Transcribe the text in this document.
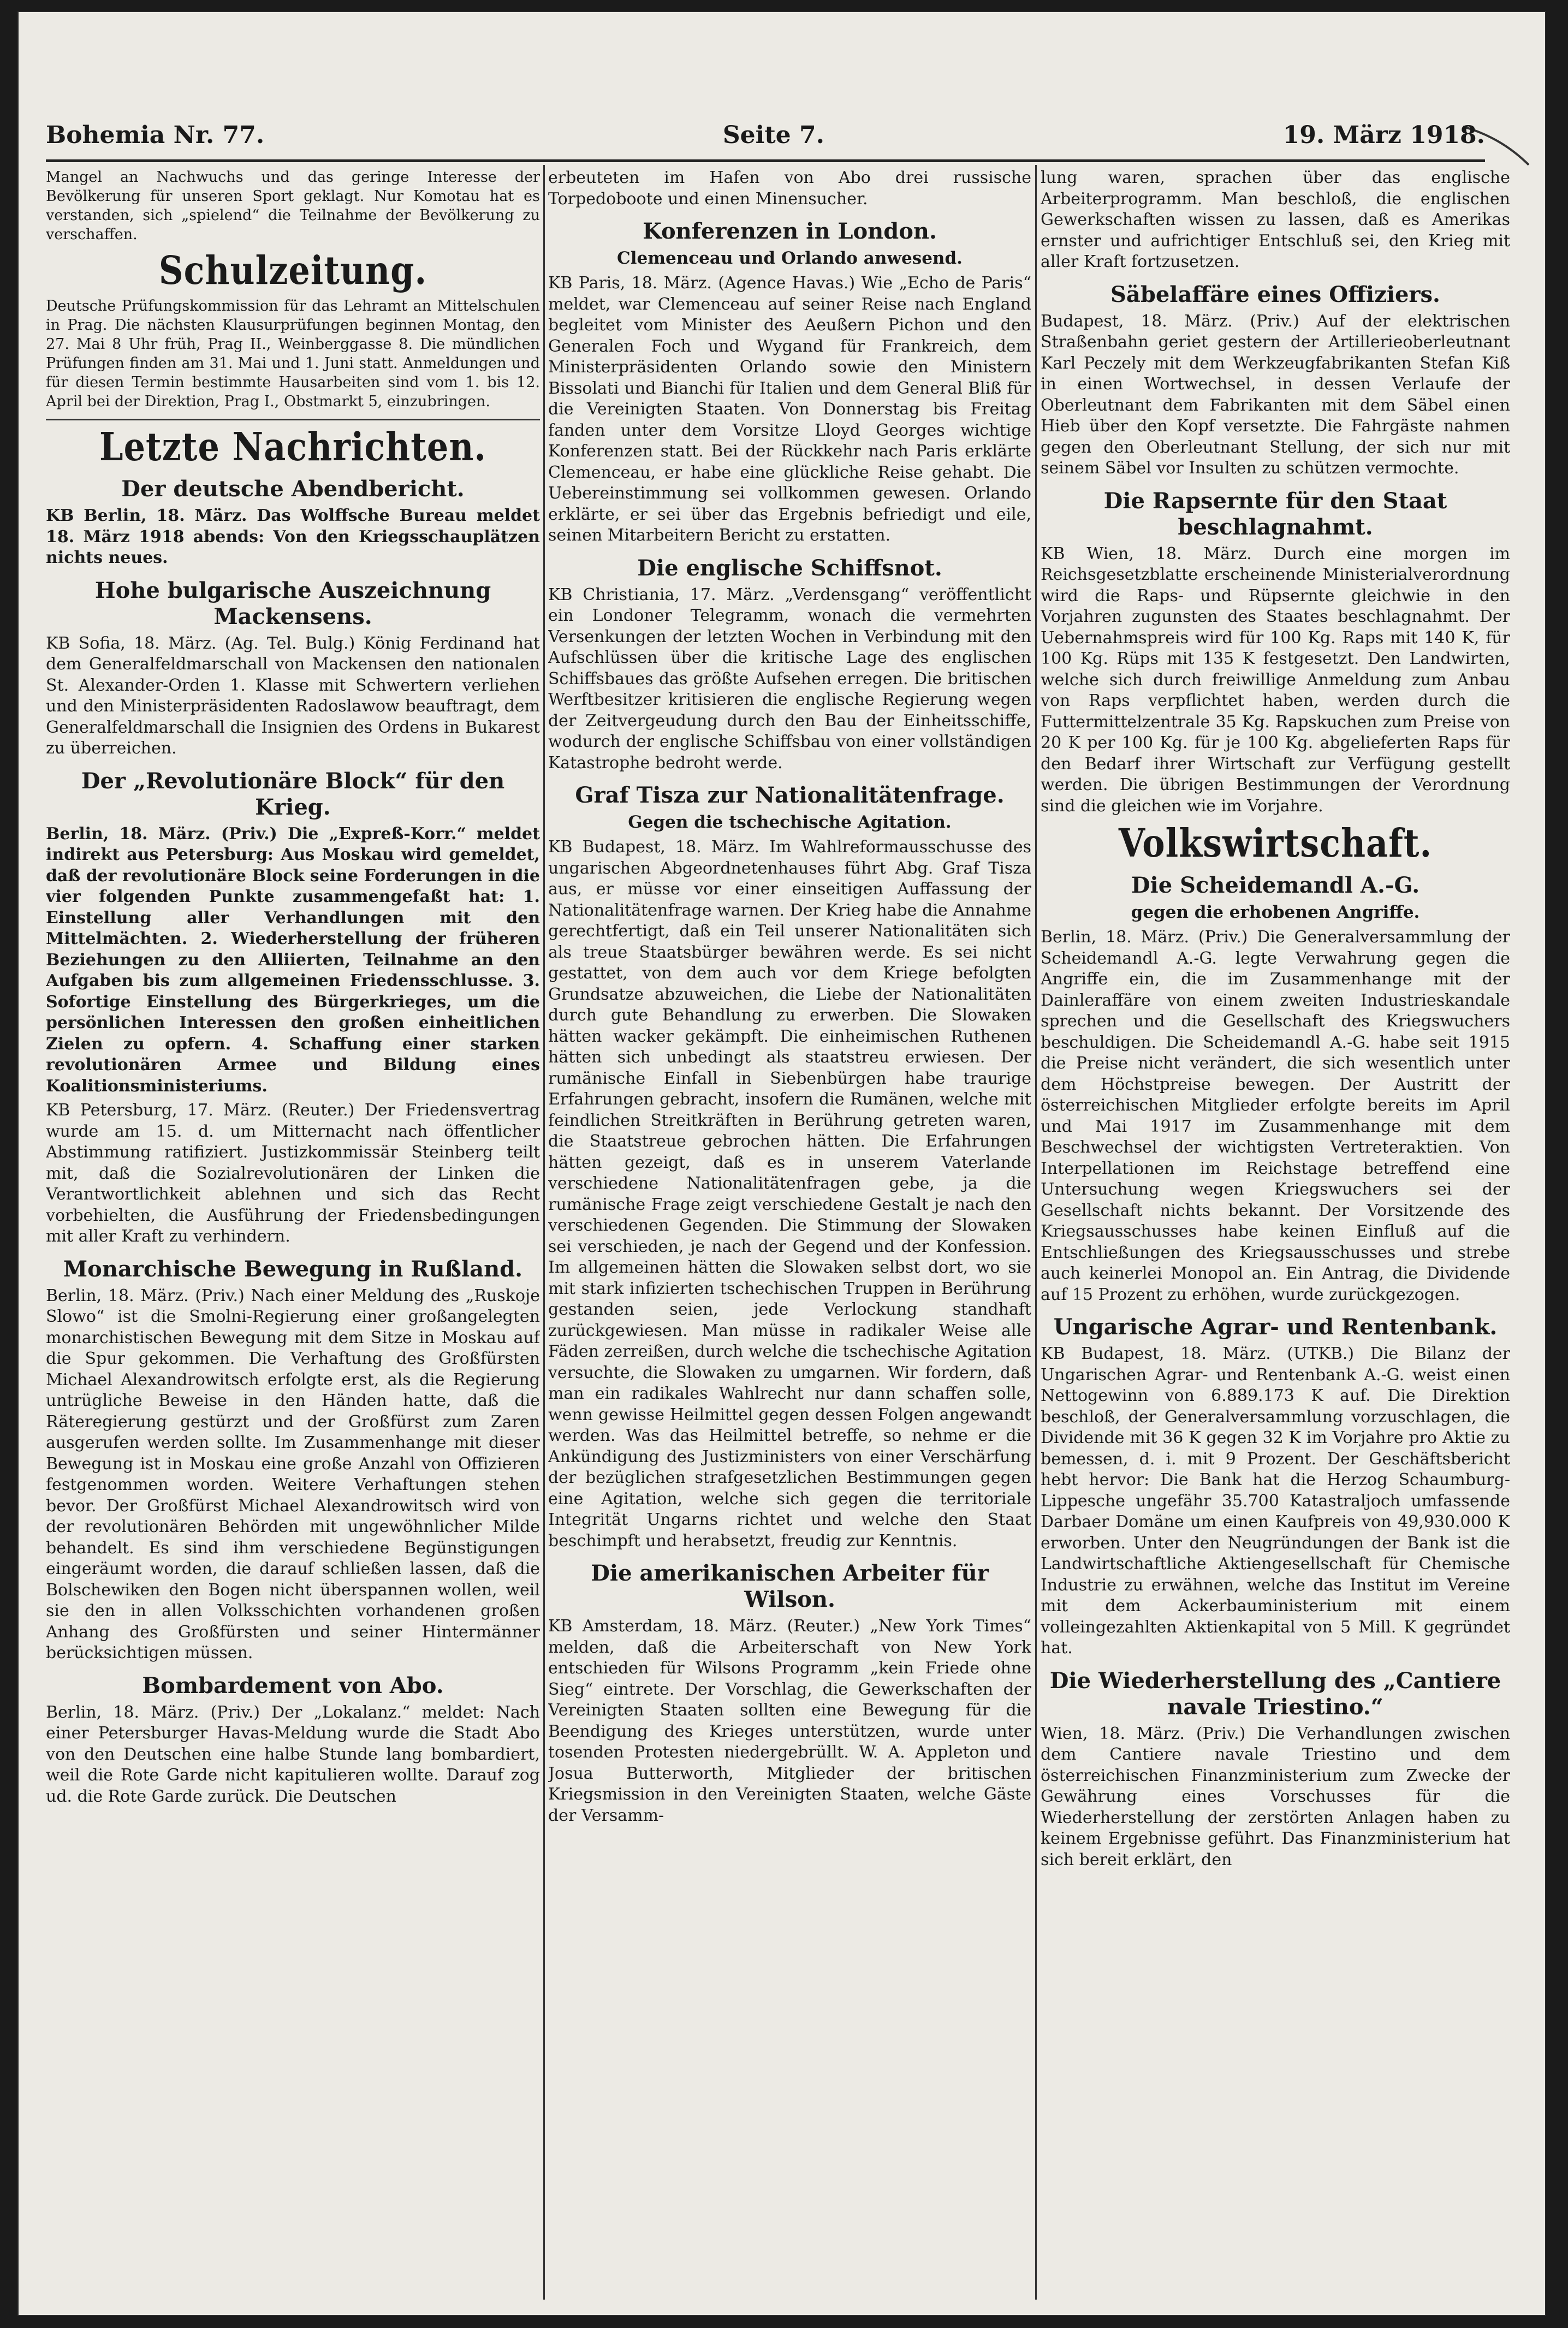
Bohemia Nr. 77.	Seite 7.	19. März 1918.

Mangel an Nachwuchs und das geringe Interesse der Bevölkerung für unseren Sport geklagt. Nur Komotau hat es verstanden, sich „spielend“ die Teilnahme der Bevölkerung zu verschaffen.

Schulzeitung.

Deutsche Prüfungskommission für das Lehramt an Mittelschulen in Prag. Die nächsten Klausurprüfungen beginnen Montag, den 27. Mai 8 Uhr früh, Prag II., Weinberggasse 8. Die mündlichen Prüfungen finden am 31. Mai und 1. Juni statt. Anmeldungen und für diesen Termin bestimmte Hausarbeiten sind vom 1. bis 12. April bei der Direktion, Prag I., Obstmarkt 5, einzubringen.

Letzte Nachrichten.
Der deutsche Abendbericht.

KB Berlin, 18. März. Das Wolffsche Bureau meldet 18. März 1918 abends: Von den Kriegsschauplätzen nichts neues.

Hohe bulgarische Auszeichnung Mackensens.

KB Sofia, 18. März. (Ag. Tel. Bulg.) König Ferdinand hat dem Generalfeldmarschall von Mackensen den nationalen St. Alexander-Orden 1. Klasse mit Schwertern verliehen und den Ministerpräsidenten Radoslawow beauftragt, dem Generalfeldmarschall die Insignien des Ordens in Bukarest zu überreichen.

Der „Revolutionäre Block“ für den Krieg.

Berlin, 18. März. (Priv.) Die „Expreß-Korr.“ meldet indirekt aus Petersburg: Aus Moskau wird gemeldet, daß der revolutionäre Block seine Forderungen in die vier folgenden Punkte zusammengefaßt hat: 1. Einstellung aller Verhandlungen mit den Mittelmächten. 2. Wiederherstellung der früheren Beziehungen zu den Alliierten, Teilnahme an den Aufgaben bis zum allgemeinen Friedensschlusse. 3. Sofortige Einstellung des Bürgerkrieges, um die persönlichen Interessen den großen einheitlichen Zielen zu opfern. 4. Schaffung einer starken revolutionären Armee und Bildung eines Koalitionsministeriums.

KB Petersburg, 17. März. (Reuter.) Der Friedensvertrag wurde am 15. d. um Mitternacht nach öffentlicher Abstimmung ratifiziert. Justizkommissär Steinberg teilt mit, daß die Sozialrevolutionären der Linken die Verantwortlichkeit ablehnen und sich das Recht vorbehielten, die Ausführung der Friedensbedingungen mit aller Kraft zu verhindern.

Monarchische Bewegung in Rußland.

Berlin, 18. März. (Priv.) Nach einer Meldung des „Ruskoje Slowo“ ist die Smolni-Regierung einer großangelegten monarchistischen Bewegung mit dem Sitze in Moskau auf die Spur gekommen. Die Verhaftung des Großfürsten Michael Alexandrowitsch erfolgte erst, als die Regierung untrügliche Beweise in den Händen hatte, daß die Räteregierung gestürzt und der Großfürst zum Zaren ausgerufen werden sollte. Im Zusammenhange mit dieser Bewegung ist in Moskau eine große Anzahl von Offizieren festgenommen worden. Weitere Verhaftungen stehen bevor. Der Großfürst Michael Alexandrowitsch wird von der revolutionären Behörden mit ungewöhnlicher Milde behandelt. Es sind ihm verschiedene Begünstigungen eingeräumt worden, die darauf schließen lassen, daß die Bolschewiken den Bogen nicht überspannen wollen, weil sie den in allen Volksschichten vorhandenen großen Anhang des Großfürsten und seiner Hintermänner berücksichtigen müssen.

Bombardement von Abo.

Berlin, 18. März. (Priv.) Der „Lokalanz.“ meldet: Nach einer Petersburger Havas-Meldung wurde die Stadt Abo von den Deutschen eine halbe Stunde lang bombardiert, weil die Rote Garde nicht kapitulieren wollte. Darauf zog ud. die Rote Garde zurück. Die Deutschen

erbeuteten im Hafen von Abo drei russische Torpedoboote und einen Minensucher.

Konferenzen in London.
Clemenceau und Orlando anwesend.

KB Paris, 18. März. (Agence Havas.) Wie „Echo de Paris“ meldet, war Clemenceau auf seiner Reise nach England begleitet vom Minister des Aeußern Pichon und den Generalen Foch und Wygand für Frankreich, dem Ministerpräsidenten Orlando sowie den Ministern Bissolati und Bianchi für Italien und dem General Bliß für die Vereinigten Staaten. Von Donnerstag bis Freitag fanden unter dem Vorsitze Lloyd Georges wichtige Konferenzen statt. Bei der Rückkehr nach Paris erklärte Clemenceau, er habe eine glückliche Reise gehabt. Die Uebereinstimmung sei vollkommen gewesen. Orlando erklärte, er sei über das Ergebnis befriedigt und eile, seinen Mitarbeitern Bericht zu erstatten.

Die englische Schiffsnot.

KB Christiania, 17. März. „Verdensgang“ veröffentlicht ein Londoner Telegramm, wonach die vermehrten Versenkungen der letzten Wochen in Verbindung mit den Aufschlüssen über die kritische Lage des englischen Schiffsbaues das größte Aufsehen erregen. Die britischen Werftbesitzer kritisieren die englische Regierung wegen der Zeitvergeudung durch den Bau der Einheitsschiffe, wodurch der englische Schiffsbau von einer vollständigen Katastrophe bedroht werde.

Graf Tisza zur Nationalitätenfrage.
Gegen die tschechische Agitation.

KB Budapest, 18. März. Im Wahlreformausschusse des ungarischen Abgeordnetenhauses führt Abg. Graf Tisza aus, er müsse vor einer einseitigen Auffassung der Nationalitätenfrage warnen. Der Krieg habe die Annahme gerechtfertigt, daß ein Teil unserer Nationalitäten sich als treue Staatsbürger bewähren werde. Es sei nicht gestattet, von dem auch vor dem Kriege befolgten Grundsatze abzuweichen, die Liebe der Nationalitäten durch gute Behandlung zu erwerben. Die Slowaken hätten wacker gekämpft. Die einheimischen Ruthenen hätten sich unbedingt als staatstreu erwiesen. Der rumänische Einfall in Siebenbürgen habe traurige Erfahrungen gebracht, insofern die Rumänen, welche mit feindlichen Streitkräften in Berührung getreten waren, die Staatstreue gebrochen hätten. Die Erfahrungen hätten gezeigt, daß es in unserem Vaterlande verschiedene Nationalitätenfragen gebe, ja die rumänische Frage zeigt verschiedene Gestalt je nach den verschiedenen Gegenden. Die Stimmung der Slowaken sei verschieden, je nach der Gegend und der Konfession. Im allgemeinen hätten die Slowaken selbst dort, wo sie mit stark infizierten tschechischen Truppen in Berührung gestanden seien, jede Verlockung standhaft zurückgewiesen. Man müsse in radikaler Weise alle Fäden zerreißen, durch welche die tschechische Agitation versuchte, die Slowaken zu umgarnen. Wir fordern, daß man ein radikales Wahlrecht nur dann schaffen solle, wenn gewisse Heilmittel gegen dessen Folgen angewandt werden. Was das Heilmittel betreffe, so nehme er die Ankündigung des Justizministers von einer Verschärfung der bezüglichen strafgesetzlichen Bestimmungen gegen eine Agitation, welche sich gegen die territoriale Integrität Ungarns richtet und welche den Staat beschimpft und herabsetzt, freudig zur Kenntnis.

Die amerikanischen Arbeiter für Wilson.

KB Amsterdam, 18. März. (Reuter.) „New York Times“ melden, daß die Arbeiterschaft von New York entschieden für Wilsons Programm „kein Friede ohne Sieg“ eintrete. Der Vorschlag, die Gewerkschaften der Vereinigten Staaten sollten eine Bewegung für die Beendigung des Krieges unterstützen, wurde unter tosenden Protesten niedergebrüllt. W. A. Appleton und Josua Butterworth, Mitglieder der britischen Kriegsmission in den Vereinigten Staaten, welche Gäste der Versamm-

lung waren, sprachen über das englische Arbeiterprogramm. Man beschloß, die englischen Gewerkschaften wissen zu lassen, daß es Amerikas ernster und aufrichtiger Entschluß sei, den Krieg mit aller Kraft fortzusetzen.

Säbelaffäre eines Offiziers.

Budapest, 18. März. (Priv.) Auf der elektrischen Straßenbahn geriet gestern der Artillerieoberleutnant Karl Peczely mit dem Werkzeugfabrikanten Stefan Kiß in einen Wortwechsel, in dessen Verlaufe der Oberleutnant dem Fabrikanten mit dem Säbel einen Hieb über den Kopf versetzte. Die Fahrgäste nahmen gegen den Oberleutnant Stellung, der sich nur mit seinem Säbel vor Insulten zu schützen vermochte.

Die Rapsernte für den Staat beschlagnahmt.

KB Wien, 18. März. Durch eine morgen im Reichsgesetzblatte erscheinende Ministerialverordnung wird die Raps- und Rüpsernte gleichwie in den Vorjahren zugunsten des Staates beschlagnahmt. Der Uebernahmspreis wird für 100 Kg. Raps mit 140 K, für 100 Kg. Rüps mit 135 K festgesetzt. Den Landwirten, welche sich durch freiwillige Anmeldung zum Anbau von Raps verpflichtet haben, werden durch die Futtermittelzentrale 35 Kg. Rapskuchen zum Preise von 20 K per 100 Kg. für je 100 Kg. abgelieferten Raps für den Bedarf ihrer Wirtschaft zur Verfügung gestellt werden. Die übrigen Bestimmungen der Verordnung sind die gleichen wie im Vorjahre.

Volkswirtschaft.
Die Scheidemandl A.-G.
gegen die erhobenen Angriffe.

Berlin, 18. März. (Priv.) Die Generalversammlung der Scheidemandl A.-G. legte Verwahrung gegen die Angriffe ein, die im Zusammenhange mit der Dainleraffäre von einem zweiten Industrieskandale sprechen und die Gesellschaft des Kriegswuchers beschuldigen. Die Scheidemandl A.-G. habe seit 1915 die Preise nicht verändert, die sich wesentlich unter dem Höchstpreise bewegen. Der Austritt der österreichischen Mitglieder erfolgte bereits im April und Mai 1917 im Zusammenhange mit dem Beschwechsel der wichtigsten Vertreteraktien. Von Interpellationen im Reichstage betreffend eine Untersuchung wegen Kriegswuchers sei der Gesellschaft nichts bekannt. Der Vorsitzende des Kriegsausschusses habe keinen Einfluß auf die Entschließungen des Kriegsausschusses und strebe auch keinerlei Monopol an. Ein Antrag, die Dividende auf 15 Prozent zu erhöhen, wurde zurückgezogen.

Ungarische Agrar- und Rentenbank.

KB Budapest, 18. März. (UTKB.) Die Bilanz der Ungarischen Agrar- und Rentenbank A.-G. weist einen Nettogewinn von 6.889.173 K auf. Die Direktion beschloß, der Generalversammlung vorzuschlagen, die Dividende mit 36 K gegen 32 K im Vorjahre pro Aktie zu bemessen, d. i. mit 9 Prozent. Der Geschäftsbericht hebt hervor: Die Bank hat die Herzog Schaumburg-Lippesche ungefähr 35.700 Katastraljoch umfassende Darbaer Domäne um einen Kaufpreis von 49,930.000 K erworben. Unter den Neugründungen der Bank ist die Landwirtschaftliche Aktiengesellschaft für Chemische Industrie zu erwähnen, welche das Institut im Vereine mit dem Ackerbauministerium mit einem volleingezahlten Aktienkapital von 5 Mill. K gegründet hat.

Die Wiederherstellung des „Cantiere navale Triestino.“

Wien, 18. März. (Priv.) Die Verhandlungen zwischen dem Cantiere navale Triestino und dem österreichischen Finanzministerium zum Zwecke der Gewährung eines Vorschusses für die Wiederherstellung der zerstörten Anlagen haben zu keinem Ergebnisse geführt. Das Finanzministerium hat sich bereit erklärt, den
